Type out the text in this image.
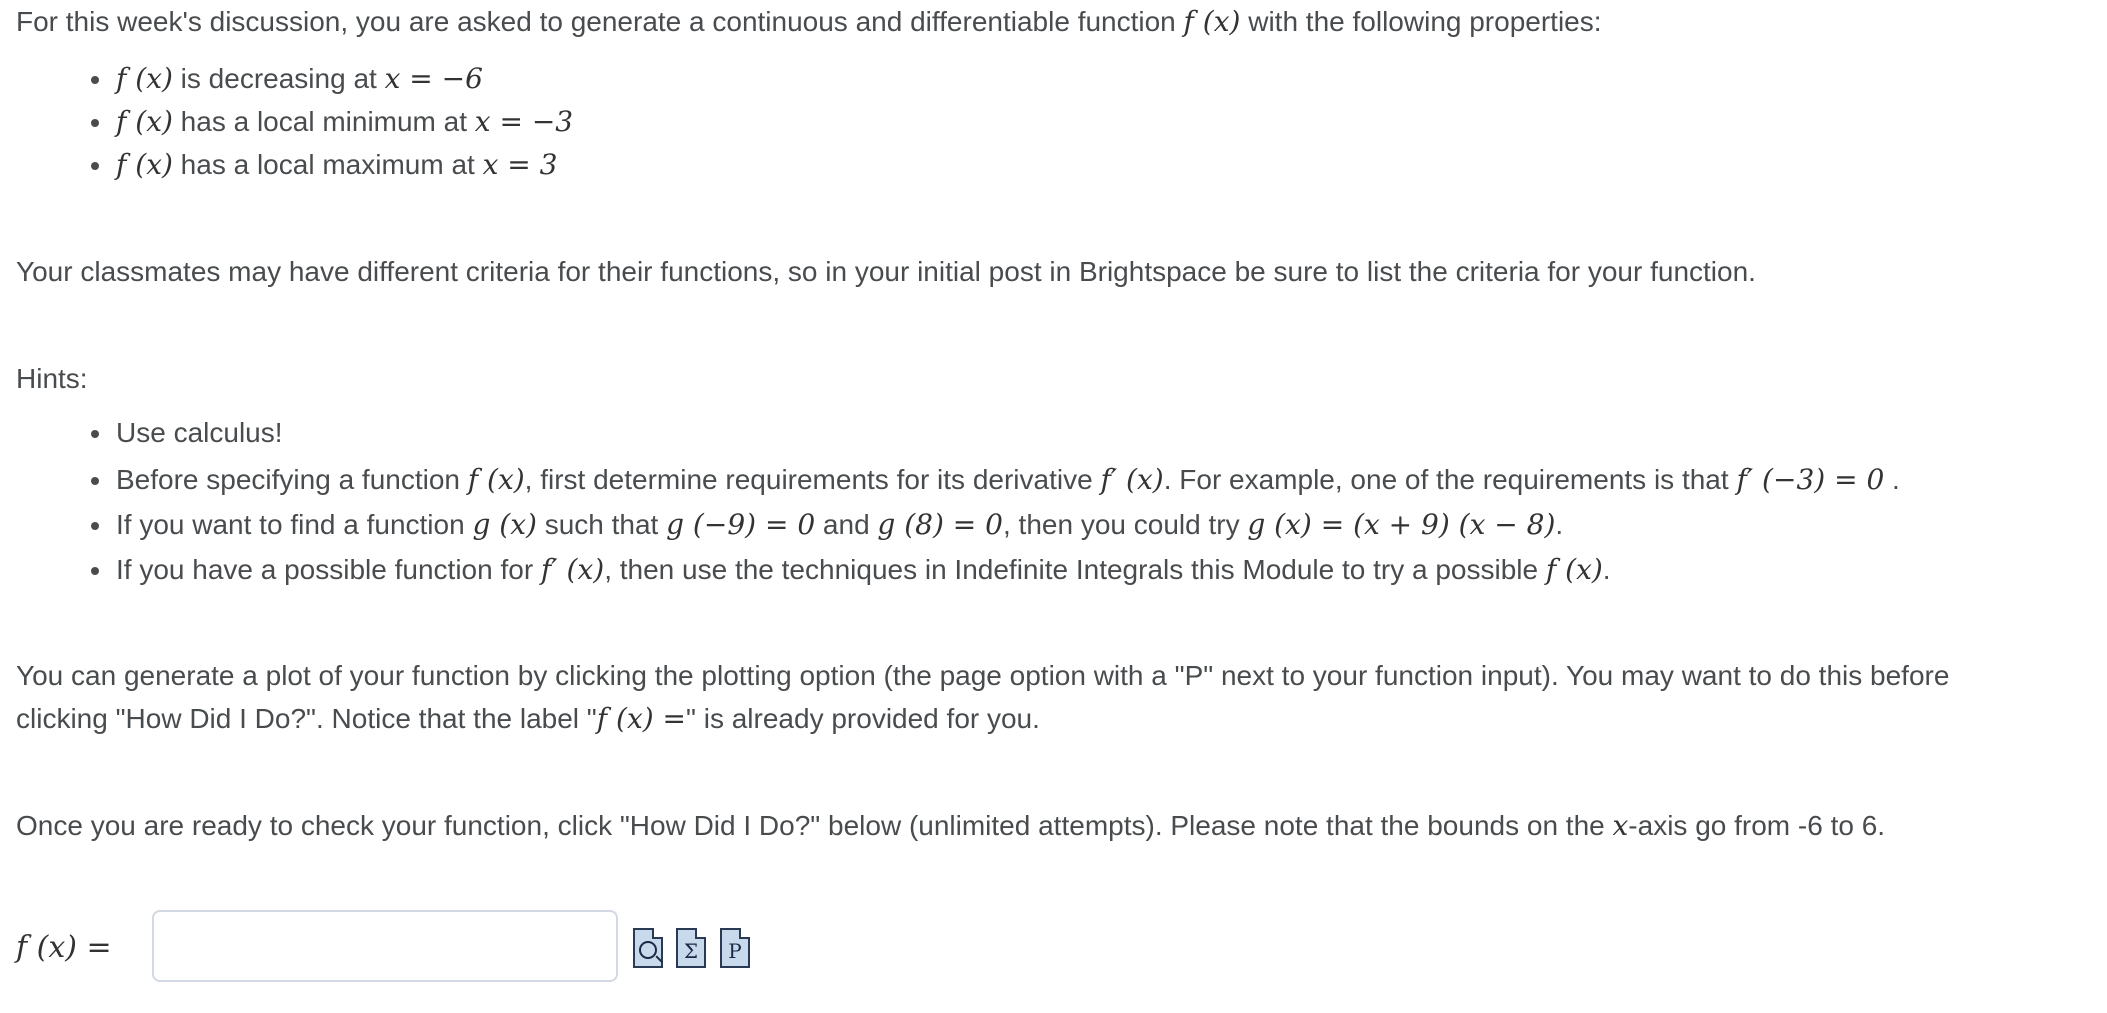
For this week's discussion, you are asked to generate a continuous and differentiable function f (x) with the following properties:
f (x) is decreasing at x = −6
f (x) has a local minimum at x = −3
f (x) has a local maximum at x = 3
Your classmates may have different criteria for their functions, so in your initial post in Brightspace be sure to list the criteria for your function.
Hints:
Use calculus!
Before specifying a function f (x), first determine requirements for its derivative f′ (x). For example, one of the requirements is that f′ (−3) = 0 .
If you want to find a function g (x) such that g (−9) = 0 and g (8) = 0, then you could try g (x) = (x + 9) (x − 8).
If you have a possible function for f′ (x), then use the techniques in Indefinite Integrals this Module to try a possible f (x).
You can generate a plot of your function by clicking the plotting option (the page option with a "P" next to your function input). You may want to do this before
clicking "How Did I Do?". Notice that the label "f (x) =" is already provided for you.
Once you are ready to check your function, click "How Did I Do?" below (unlimited attempts). Please note that the bounds on the x-axis go from -6 to 6.
f (x) =	Σ P
